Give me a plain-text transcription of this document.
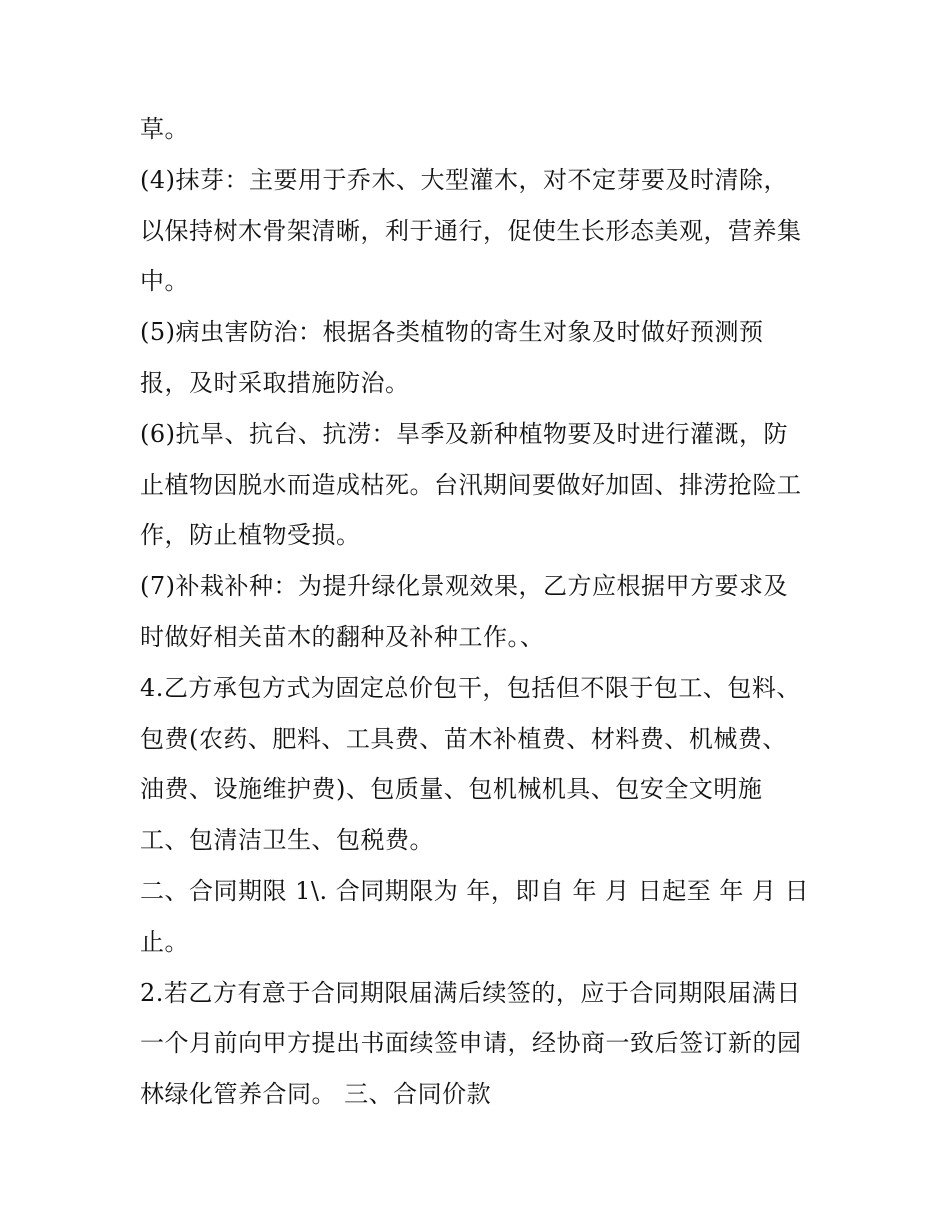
草。
(4)抹芽：主要用于乔木、大型灌木，对不定芽要及时清除，
以保持树木骨架清晰，利于通行，促使生长形态美观，营养集
中。
(5)病虫害防治：根据各类植物的寄生对象及时做好预测预
报，及时采取措施防治。
(6)抗旱、抗台、抗涝：旱季及新种植物要及时进行灌溉，防
止植物因脱水而造成枯死。台汛期间要做好加固、排涝抢险工
作，防止植物受损。
(7)补栽补种：为提升绿化景观效果，乙方应根据甲方要求及
时做好相关苗木的翻种及补种工作。、
4.乙方承包方式为固定总价包干，包括但不限于包工、包料、
包费(农药、肥料、工具费、苗木补植费、材料费、机械费、
油费、设施维护费)、包质量、包机械机具、包安全文明施
工、包清洁卫生、包税费。
二、合同期限 1\. 合同期限为 年，即自 年 月 日起至 年 月 日
止。
2.若乙方有意于合同期限届满后续签的，应于合同期限届满日
一个月前向甲方提出书面续签申请，经协商一致后签订新的园
林绿化管养合同。 三、合同价款
